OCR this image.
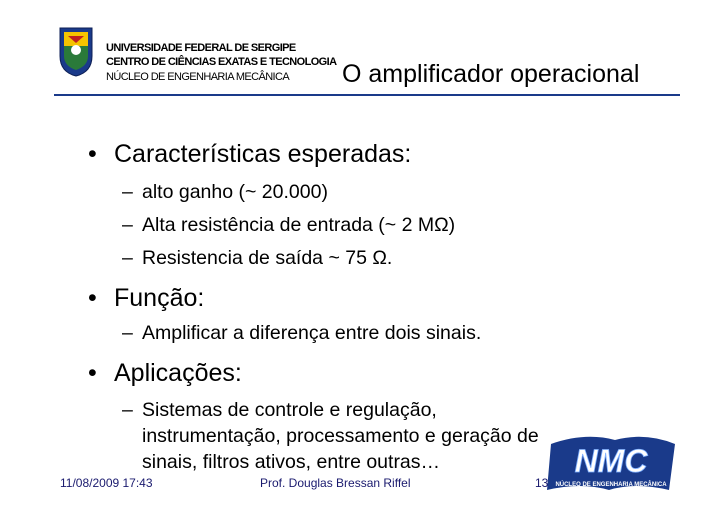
UNIVERSIDADE FEDERAL DE SERGIPE
CENTRO DE CIÊNCIAS EXATAS E TECNOLOGIA
NÚCLEO DE ENGENHARIA MECÂNICA O amplificador operacional
• Características esperadas:
– alto ganho (~ 20.000)
– Alta resistência de entrada (~ 2 MΩ)
– Resistencia de saída ~ 75 Ω.
• Função:
– Amplificar a diferença entre dois sinais.
• Aplicações:
– Sistemas de controle e regulação,
instrumentação, processamento e geração de
sinais, filtros ativos, entre outras…	NMC
NÚCLEO DE ENGENHARIA MECÂNICA
11/08/2009 17:43	Prof. Douglas Bressan Riffel	13
